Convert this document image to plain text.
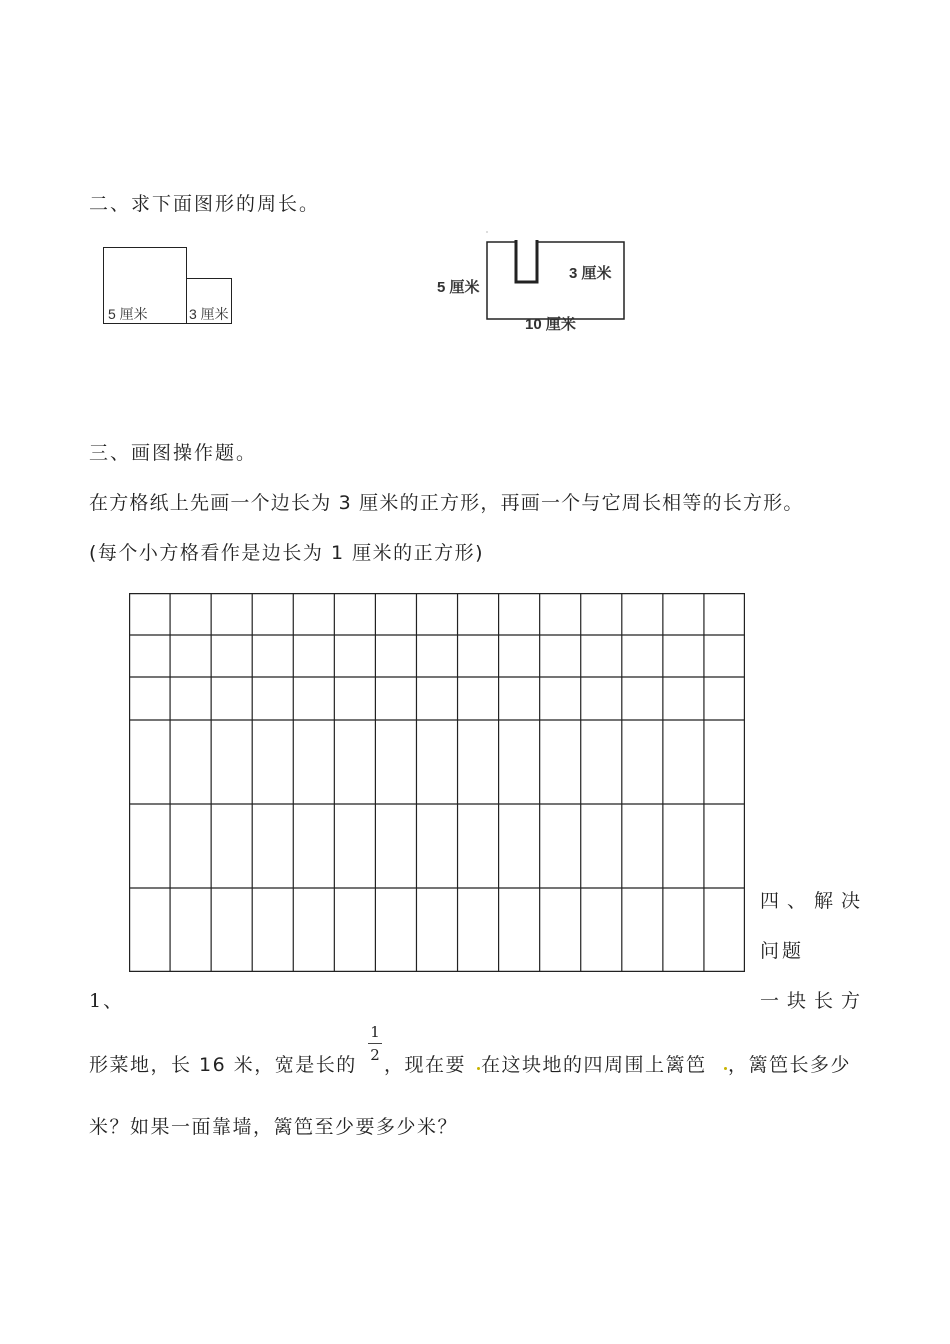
二、求下面图形的周长。
5 厘米	3 厘米
5 厘米
3 厘米
10 厘米
三、画图操作题。
在方格纸上先画一个边长为 3 厘米的正方形，再画一个与它周长相等的长方形。
(每个小方格看作是边长为 1 厘米的正方形)
四、解决
问题
1、	一块长方
形菜地，长 16 米，宽是长的
1
2 ，现在要 在这块地的四周围上篱笆 ，篱笆长多少
米？如果一面靠墙，篱笆至少要多少米？
